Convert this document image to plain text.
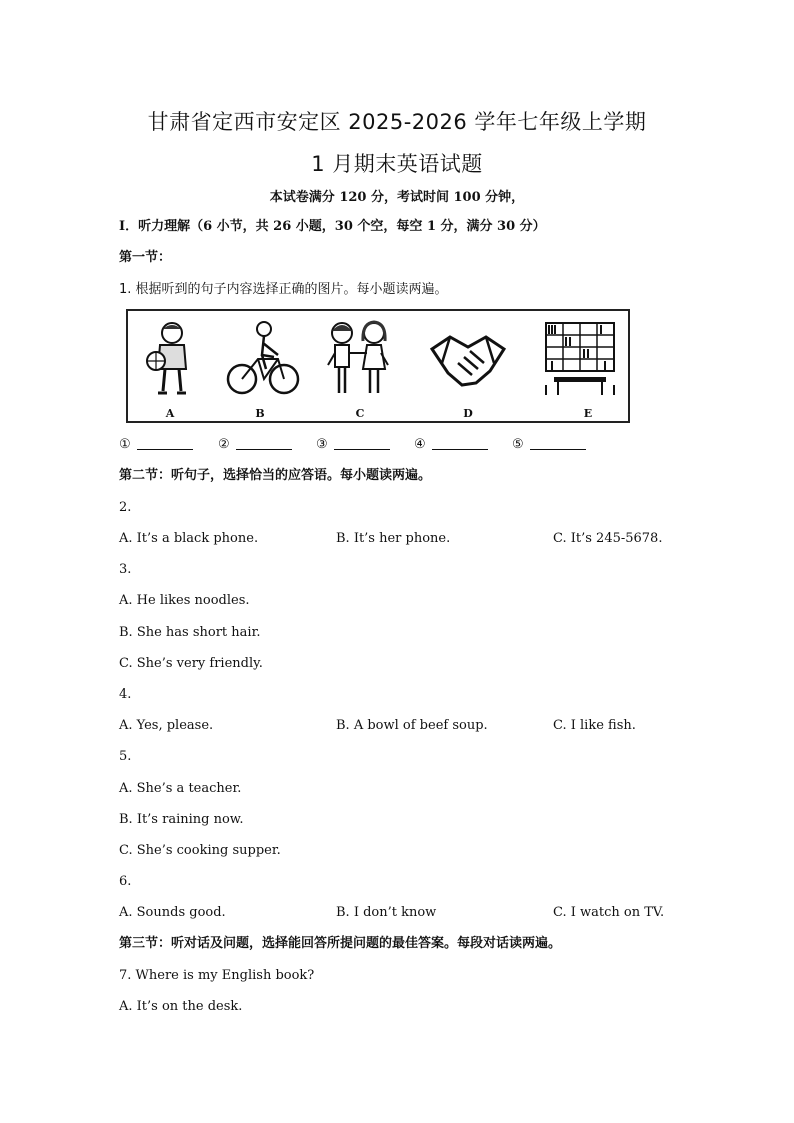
甘肃省定西市安定区 2025-2026 学年七年级上学期
1 月期末英语试题
本试卷满分 120 分，考试时间 100 分钟，
Ⅰ．听力理解（6 小节，共 26 小题，30 个空，每空 1 分，满分 30 分）
第一节：
1. 根据听到的句子内容选择正确的图片。每小题读两遍。
A	B	C	D	E
①	②	③	④	⑤
第二节：听句子，选择恰当的应答语。每小题读两遍。
2.
A. It’s a black phone.	B. It’s her phone.	C. It’s 245-5678.
3.
A. He likes noodles.
B. She has short hair.
C. She’s very friendly.
4.
A. Yes, please.	B. A bowl of beef soup.	C. I like fish.
5.
A. She’s a teacher.
B. It’s raining now.
C. She’s cooking supper.
6.
A. Sounds good.	B. I don’t know	C. I watch on TV.
第三节：听对话及问题，选择能回答所提问题的最佳答案。每段对话读两遍。
7. Where is my English book?
A. It’s on the desk.
